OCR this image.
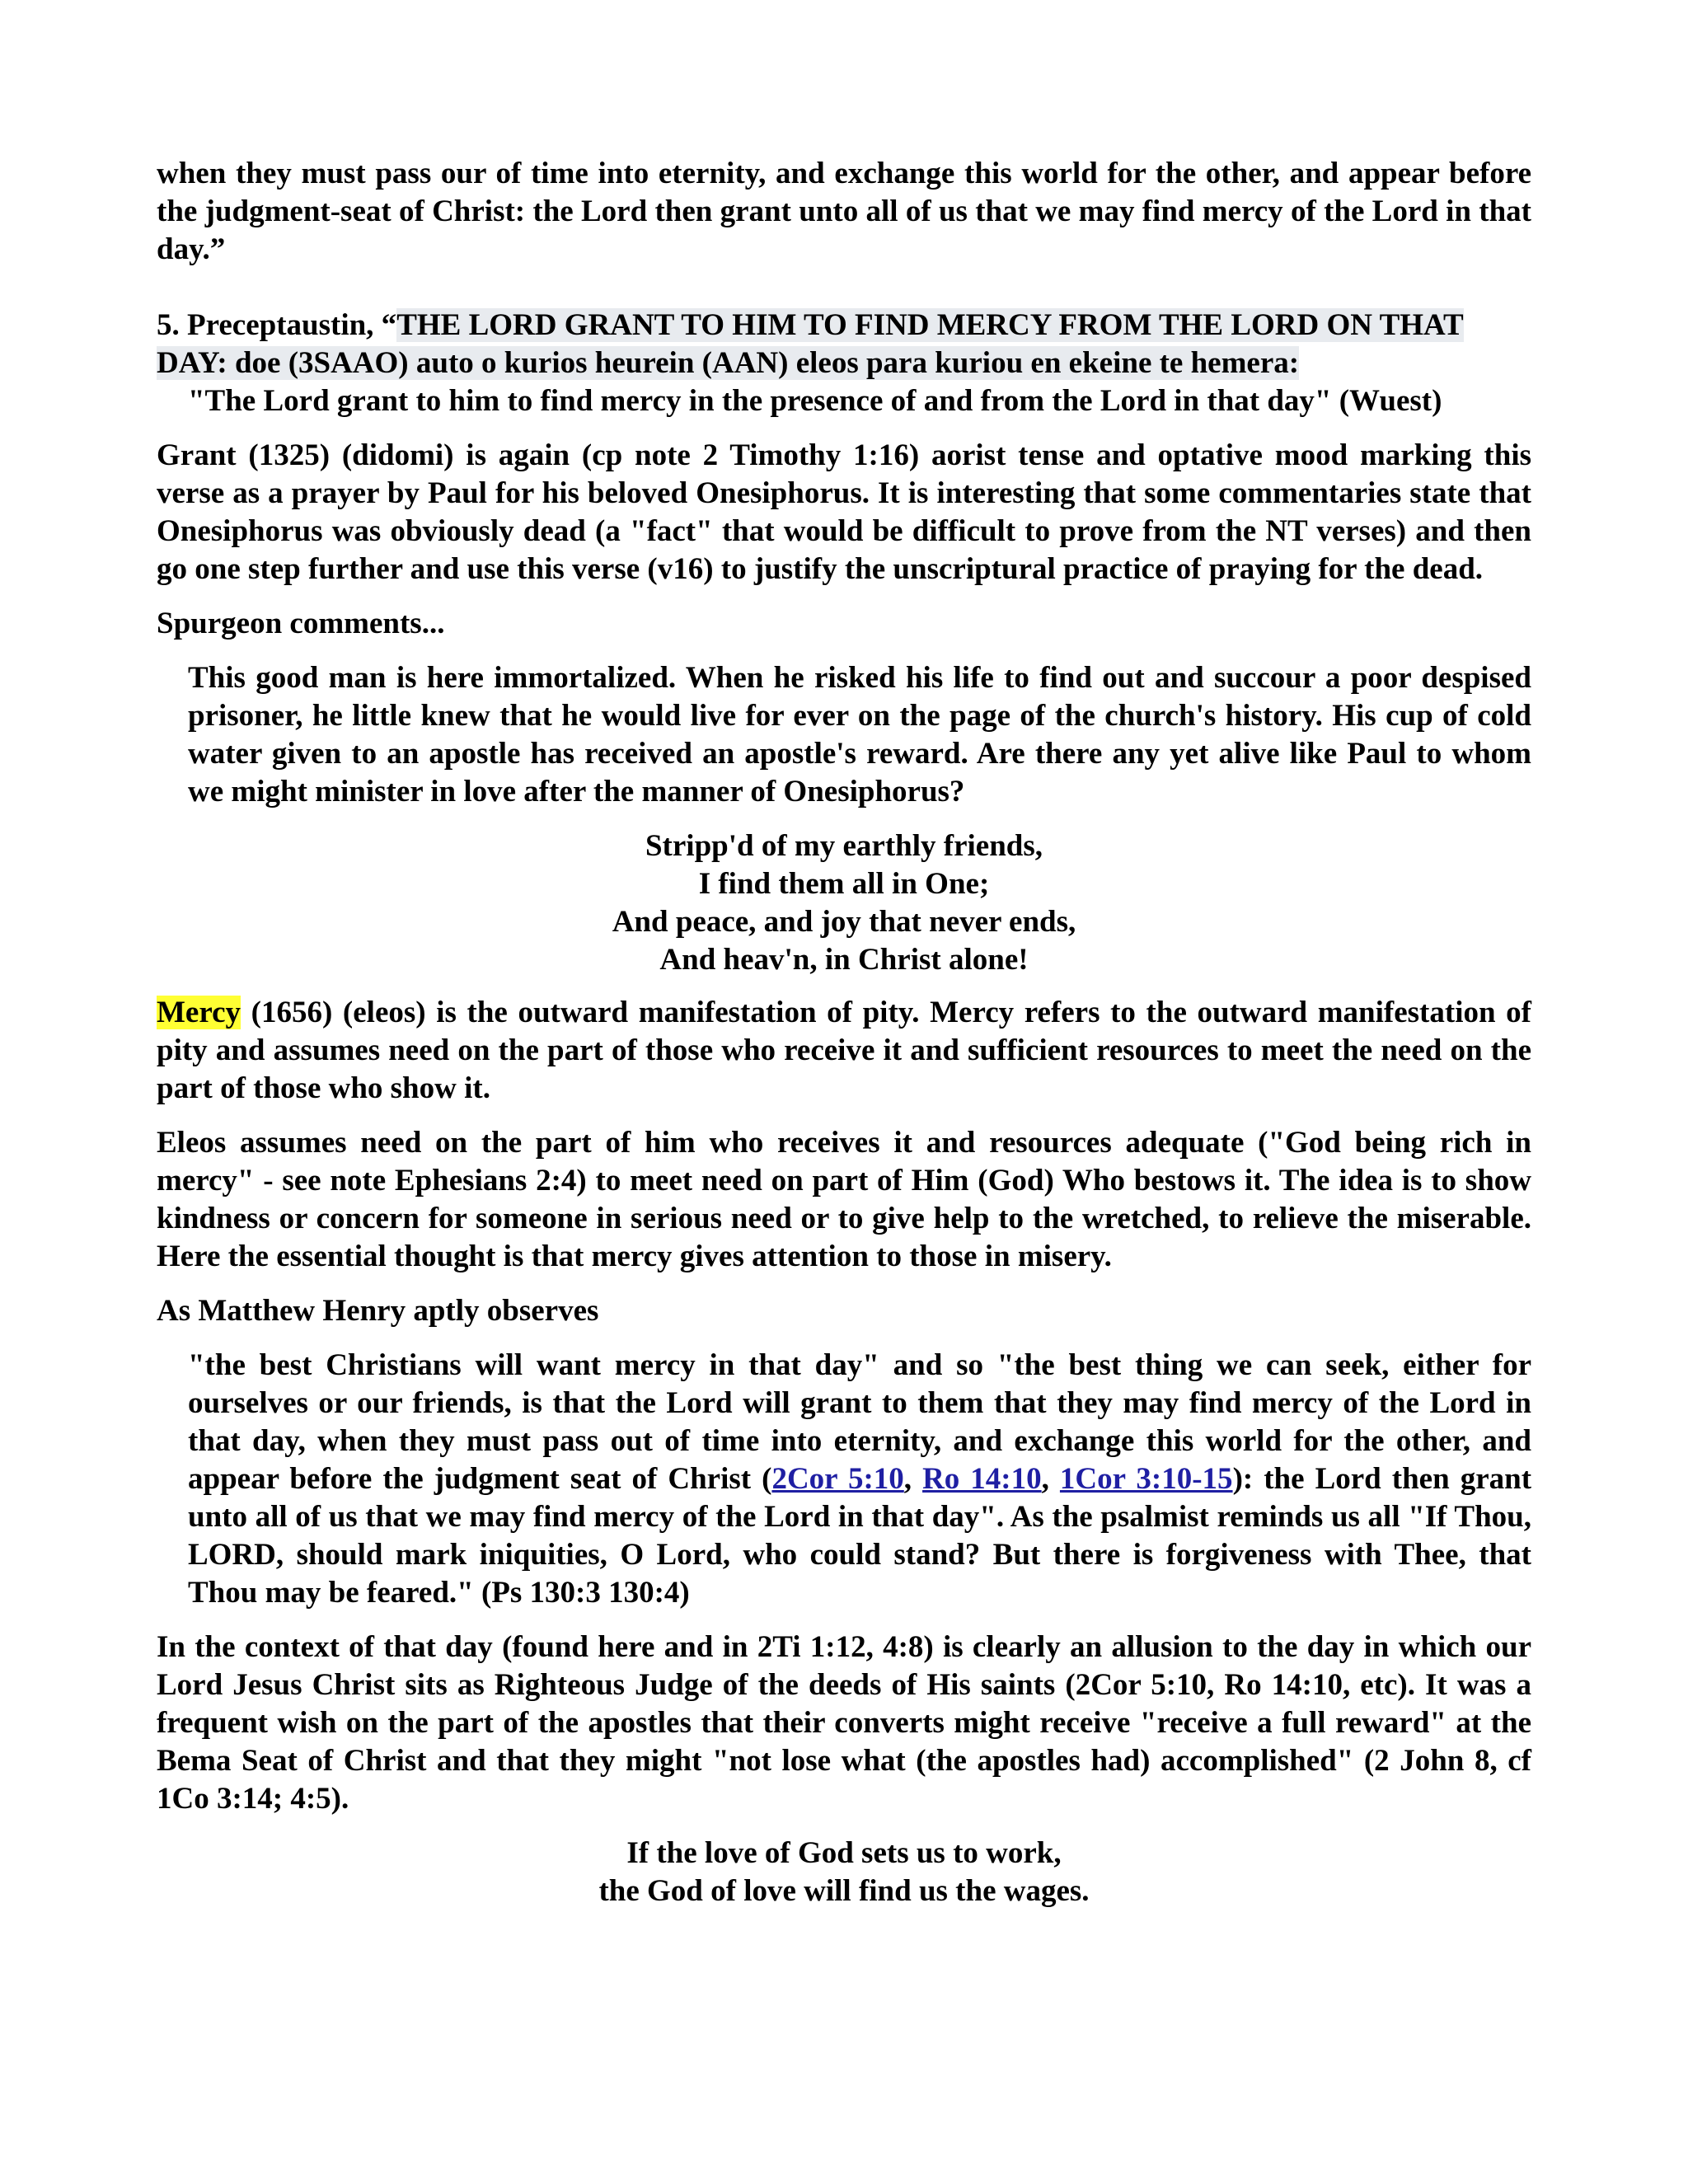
when they must pass our of time into eternity, and exchange this world for the other, and appear before the judgment-seat of Christ: the Lord then grant unto all of us that we may find mercy of the Lord in that day.”

5. Preceptaustin, “THE LORD GRANT TO HIM TO FIND MERCY FROM THE LORD ON THAT DAY: doe (3SAAO) auto o kurios heurein (AAN) eleos para kuriou en ekeine te hemera:

"The Lord grant to him to find mercy in the presence of and from the Lord in that day" (Wuest)

Grant (1325) (didomi) is again (cp note 2 Timothy 1:16) aorist tense and optative mood marking this verse as a prayer by Paul for his beloved Onesiphorus. It is interesting that some commentaries state that Onesiphorus was obviously dead (a "fact" that would be difficult to prove from the NT verses) and then go one step further and use this verse (v16) to justify the unscriptural practice of praying for the dead.

Spurgeon comments...

This good man is here immortalized. When he risked his life to find out and succour a poor despised prisoner, he little knew that he would live for ever on the page of the church's history. His cup of cold water given to an apostle has received an apostle's reward. Are there any yet alive like Paul to whom we might minister in love after the manner of Onesiphorus?

Stripp'd of my earthly friends,
I find them all in One;
And peace, and joy that never ends,
And heav'n, in Christ alone!

Mercy (1656) (eleos) is the outward manifestation of pity. Mercy refers to the outward manifestation of pity and assumes need on the part of those who receive it and sufficient resources to meet the need on the part of those who show it.

Eleos assumes need on the part of him who receives it and resources adequate ("God being rich in mercy" - see note Ephesians 2:4) to meet need on part of Him (God) Who bestows it. The idea is to show kindness or concern for someone in serious need or to give help to the wretched, to relieve the miserable. Here the essential thought is that mercy gives attention to those in misery.

As Matthew Henry aptly observes

"the best Christians will want mercy in that day" and so "the best thing we can seek, either for ourselves or our friends, is that the Lord will grant to them that they may find mercy of the Lord in that day, when they must pass out of time into eternity, and exchange this world for the other, and appear before the judgment seat of Christ (2Cor 5:10, Ro 14:10, 1Cor 3:10-15): the Lord then grant unto all of us that we may find mercy of the Lord in that day". As the psalmist reminds us all "If Thou, LORD, should mark iniquities, O Lord, who could stand? But there is forgiveness with Thee, that Thou may be feared." (Ps 130:3 130:4)

In the context of that day (found here and in 2Ti 1:12, 4:8) is clearly an allusion to the day in which our Lord Jesus Christ sits as Righteous Judge of the deeds of His saints (2Cor 5:10, Ro 14:10, etc). It was a frequent wish on the part of the apostles that their converts might receive "receive a full reward" at the Bema Seat of Christ and that they might "not lose what (the apostles had) accomplished" (2 John 8, cf 1Co 3:14; 4:5).

If the love of God sets us to work,
the God of love will find us the wages.
